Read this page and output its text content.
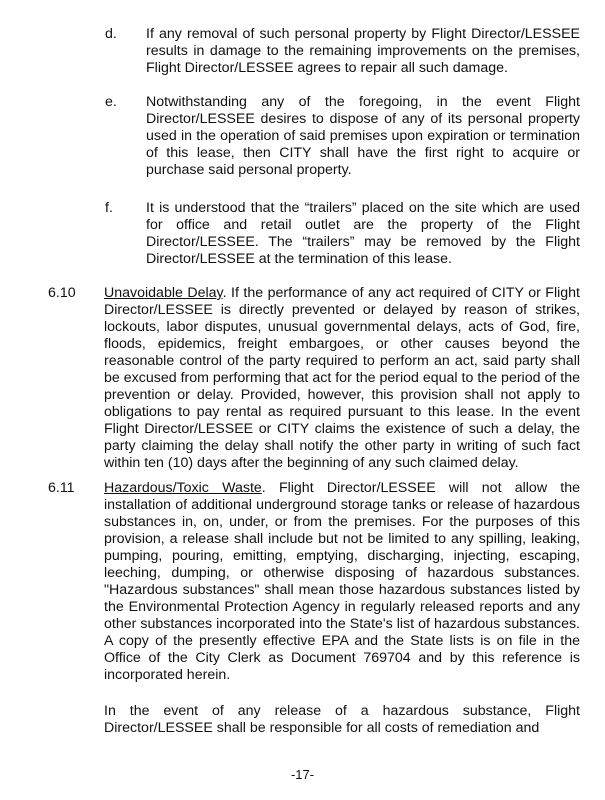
d.	If any removal of such personal property by Flight Director/LESSEE results in damage to the remaining improvements on the premises, Flight Director/LESSEE agrees to repair all such damage.
e.	Notwithstanding any of the foregoing, in the event Flight Director/LESSEE desires to dispose of any of its personal property used in the operation of said premises upon expiration or termination of this lease, then CITY shall have the first right to acquire or purchase said personal property.
f.	It is understood that the “trailers” placed on the site which are used for office and retail outlet are the property of the Flight Director/LESSEE. The “trailers” may be removed by the Flight Director/LESSEE at the termination of this lease.
6.10	Unavoidable Delay. If the performance of any act required of CITY or Flight Director/LESSEE is directly prevented or delayed by reason of strikes, lockouts, labor disputes, unusual governmental delays, acts of God, fire, floods, epidemics, freight embargoes, or other causes beyond the reasonable control of the party required to perform an act, said party shall be excused from performing that act for the period equal to the period of the prevention or delay. Provided, however, this provision shall not apply to obligations to pay rental as required pursuant to this lease. In the event Flight Director/LESSEE or CITY claims the existence of such a delay, the party claiming the delay shall notify the other party in writing of such fact within ten (10) days after the beginning of any such claimed delay.
6.11	Hazardous/Toxic Waste. Flight Director/LESSEE will not allow the installation of additional underground storage tanks or release of hazardous substances in, on, under, or from the premises. For the purposes of this provision, a release shall include but not be limited to any spilling, leaking, pumping, pouring, emitting, emptying, discharging, injecting, escaping, leeching, dumping, or otherwise disposing of hazardous substances. "Hazardous substances" shall mean those hazardous substances listed by the Environmental Protection Agency in regularly released reports and any other substances incorporated into the State's list of hazardous substances. A copy of the presently effective EPA and the State lists is on file in the Office of the City Clerk as Document 769704 and by this reference is incorporated herein.
In the event of any release of a hazardous substance, Flight Director/LESSEE shall be responsible for all costs of remediation and
-17-
